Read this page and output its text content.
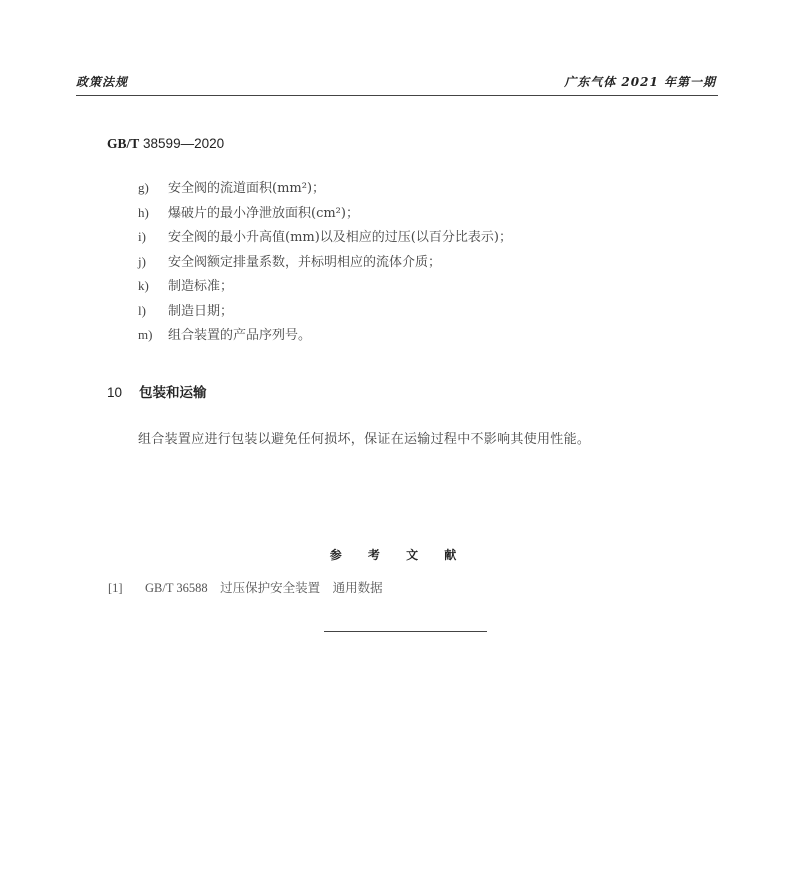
政策法规	广东气体 2021 年第一期
GB/T 38599—2020
g) 安全阀的流道面积(mm²)；
h) 爆破片的最小净泄放面积(cm²)；
i) 安全阀的最小升高值(mm)以及相应的过压(以百分比表示)；
j) 安全阀额定排量系数，并标明相应的流体介质；
k) 制造标准；
l) 制造日期；
m) 组合装置的产品序列号。
10 包装和运输
组合装置应进行包装以避免任何损坏，保证在运输过程中不影响其使用性能。
参 考 文 献
[1] GB/T 36588　过压保护安全装置　通用数据
